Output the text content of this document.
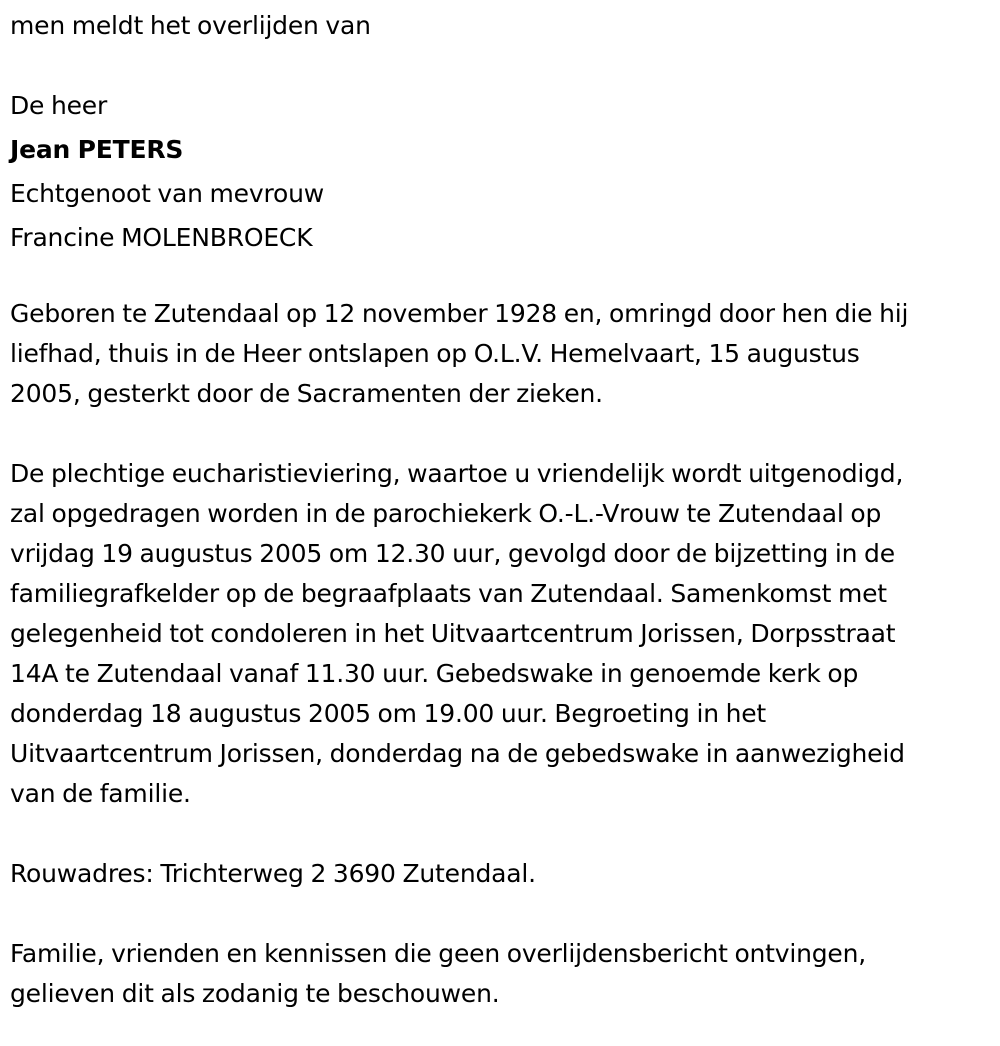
men meldt het overlijden van
De heer
Jean PETERS
Echtgenoot van mevrouw
Francine MOLENBROECK
Geboren te Zutendaal op 12 november 1928 en, omringd door hen die hij
liefhad, thuis in de Heer ontslapen op O.L.V. Hemelvaart, 15 augustus
2005, gesterkt door de Sacramenten der zieken.
De plechtige eucharistieviering, waartoe u vriendelijk wordt uitgenodigd,
zal opgedragen worden in de parochiekerk O.-L.-Vrouw te Zutendaal op
vrijdag 19 augustus 2005 om 12.30 uur, gevolgd door de bijzetting in de
familiegrafkelder op de begraafplaats van Zutendaal. Samenkomst met
gelegenheid tot condoleren in het Uitvaartcentrum Jorissen, Dorpsstraat
14A te Zutendaal vanaf 11.30 uur. Gebedswake in genoemde kerk op
donderdag 18 augustus 2005 om 19.00 uur. Begroeting in het
Uitvaartcentrum Jorissen, donderdag na de gebedswake in aanwezigheid
van de familie.
Rouwadres: Trichterweg 2 3690 Zutendaal.
Familie, vrienden en kennissen die geen overlijdensbericht ontvingen,
gelieven dit als zodanig te beschouwen.
